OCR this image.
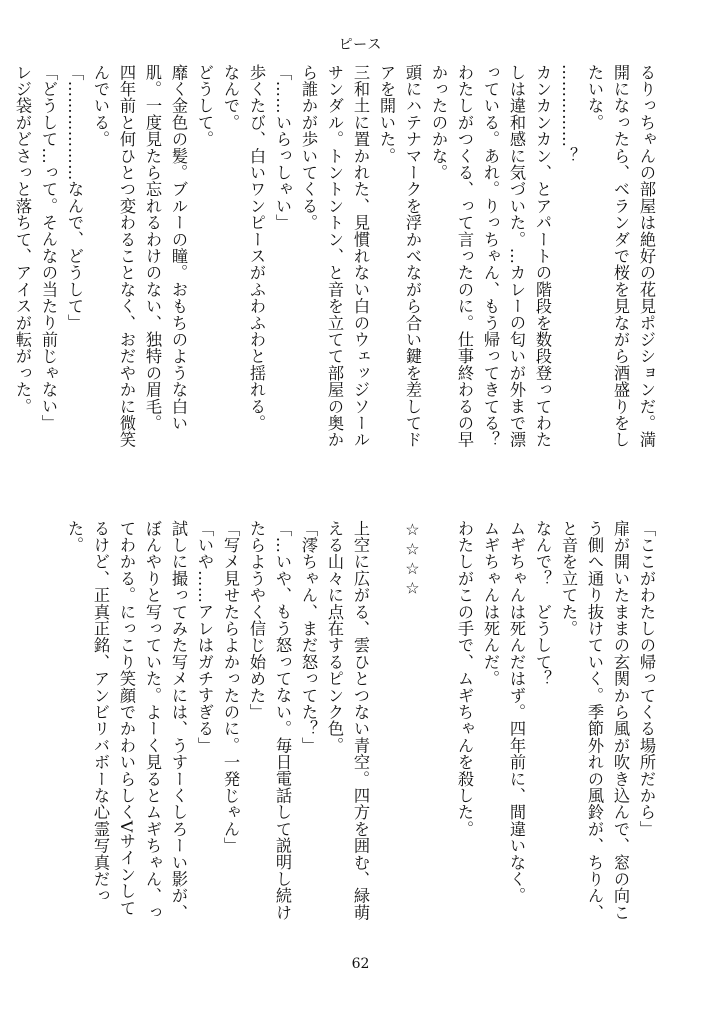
ピース

るりっちゃんの部屋は絶好の花見ポジションだ。満開になったら、ベランダで桜を見ながら酒盛りをしたいな。

……………？

カンカンカン、とアパートの階段を数段登ってわたしは違和感に気づいた。…カレーの匂いが外まで漂っている。あれ。りっちゃん、もう帰ってきてる？　わたしがつくる、って言ったのに。仕事終わるの早かったのかな。

頭にハテナマークを浮かべながら合い鍵を差してドアを開いた。

三和土に置かれた、見慣れない白のウェッジソールサンダル。トントントン、と音を立てて部屋の奥から誰かが歩いてくる。

「……いらっしゃい」

歩くたび、白いワンピースがふわふわと揺れる。

なんで。

どうして。

靡く金色の髪。ブルーの瞳。おもちのような白い肌。一度見たら忘れるわけのない、独特の眉毛。

四年前と何ひとつ変わることなく、おだやかに微笑んでいる。

「………………なんで、どうして」

「どうして…って。そんなの当たり前じゃない」

レジ袋がどさっと落ちて、アイスが転がった。

「ここがわたしの帰ってくる場所だから」

扉が開いたままの玄関から風が吹き込んで、窓の向こう側へ通り抜けていく。季節外れの風鈴が、ちりん、と音を立てた。

なんで？　どうして？

ムギちゃんは死んだはず。四年前に、間違いなく。

ムギちゃんは死んだ。

わたしがこの手で、ムギちゃんを殺した。

☆☆☆☆

上空に広がる、雲ひとつない青空。四方を囲む、緑萌える山々に点在するピンク色。

「澪ちゃん、まだ怒ってた？」

「…いや、もう怒ってない。毎日電話して説明し続けたらようやく信じ始めた」

「写メ見せたらよかったのに。一発じゃん」

「いや……アレはガチすぎる」

試しに撮ってみた写メには、うすーくしろーい影が、ぼんやりと写っていた。よーく見るとムギちゃん、ってわかる。にっこり笑顔でかわいらしくVサインしてるけど、正真正銘、アンビリバボーな心霊写真だった。

62
